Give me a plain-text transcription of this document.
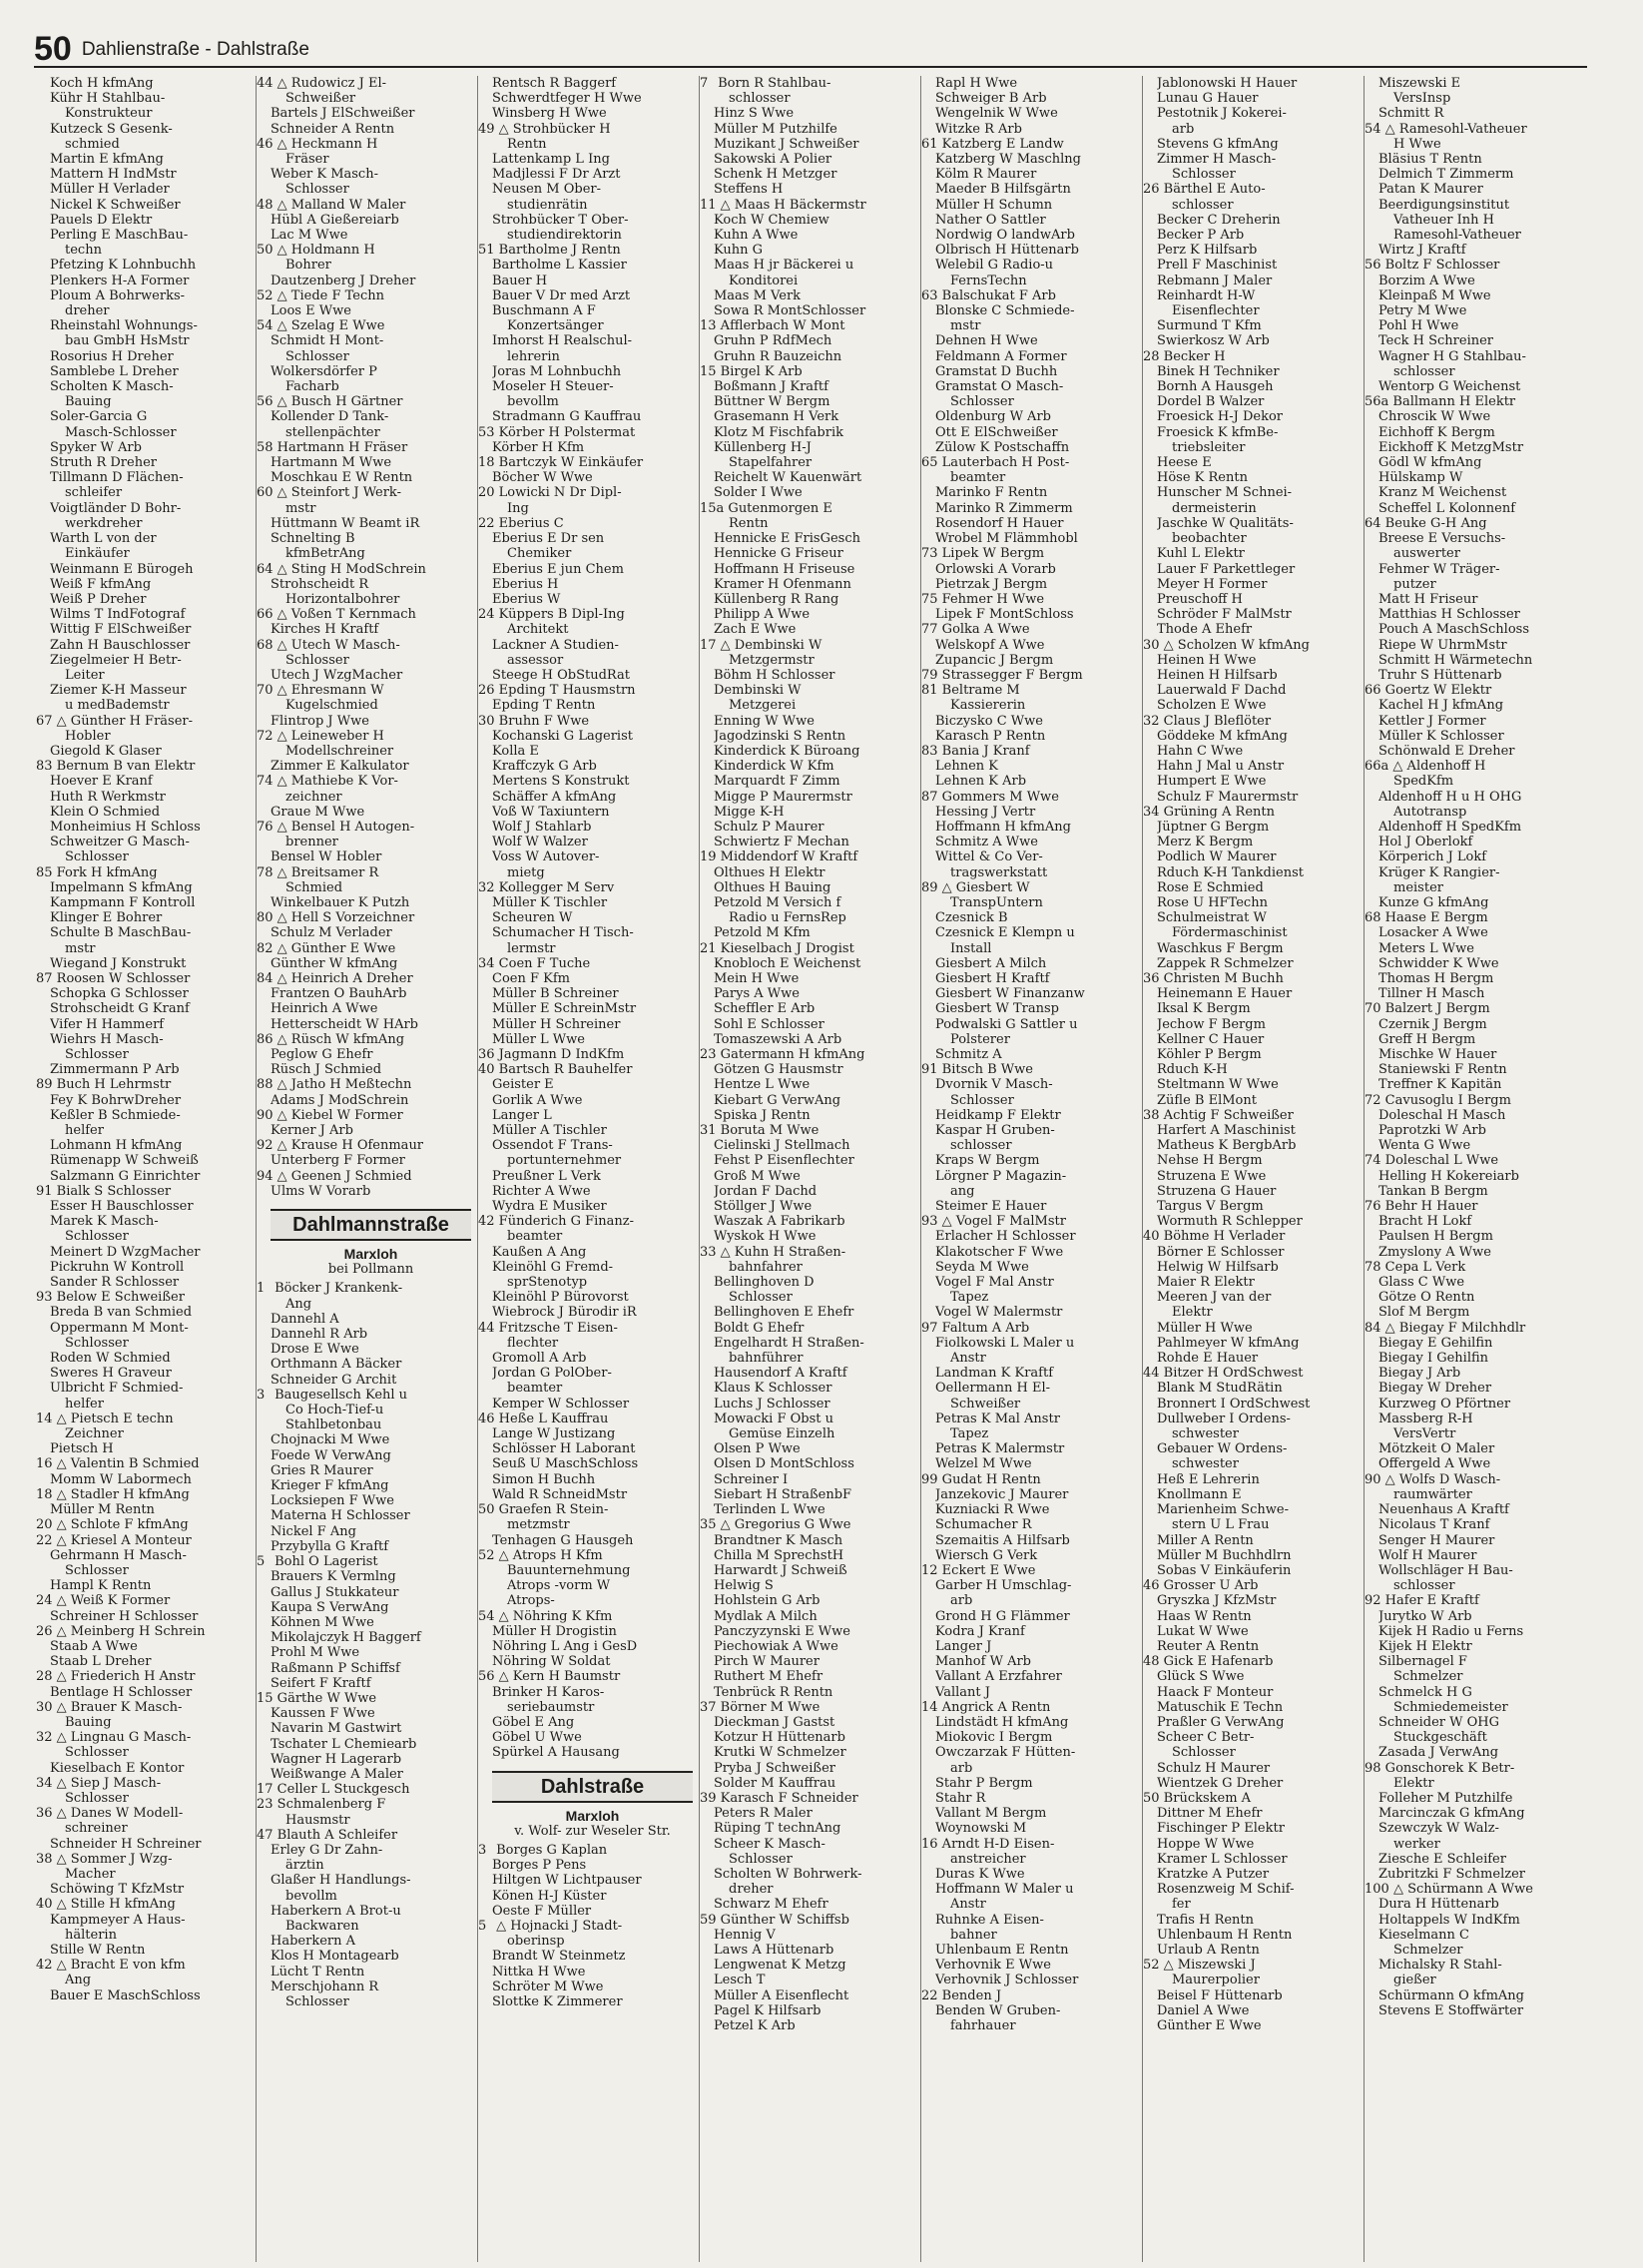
50 Dahlienstraße - Dahlstraße

Koch H kfmAng

Kühr H Stahlbau-

Konstrukteur

Kutzeck S Gesenk-

schmied

Martin E kfmAng

Mattern H IndMstr

Müller H Verlader

Nickel K Schweißer

Pauels D Elektr

Perling E MaschBau-

techn

Pfetzing K Lohnbuchh

Plenkers H-A Former

Ploum A Bohrwerks-

dreher

Rheinstahl Wohnungs-

bau GmbH HsMstr

Rosorius H Dreher

Samblebe L Dreher

Scholten K Masch-

Bauing

Soler-Garcia G

Masch-Schlosser

Spyker W Arb

Struth R Dreher

Tillmann D Flächen-

schleifer

Voigtländer D Bohr-

werkdreher

Warth L von der

Einkäufer

Weinmann E Bürogeh

Weiß F kfmAng

Weiß P Dreher

Wilms T IndFotograf

Wittig F ElSchweißer

Zahn H Bauschlosser

Ziegelmeier H Betr-

Leiter

Ziemer K-H Masseur

u medBademstr

67 △ Günther H Fräser-

Hobler

Giegold K Glaser

83 Bernum B van Elektr

Hoever E Kranf

Huth R Werkmstr

Klein O Schmied

Monheimius H Schloss

Schweitzer G Masch-

Schlosser

85 Fork H kfmAng

Impelmann S kfmAng

Kampmann F Kontroll

Klinger E Bohrer

Schulte B MaschBau-

mstr

Wiegand J Konstrukt

87 Roosen W Schlosser

Schopka G Schlosser

Strohscheidt G Kranf

Vifer H Hammerf

Wiehrs H Masch-

Schlosser

Zimmermann P Arb

89 Buch H Lehrmstr

Fey K BohrwDreher

Keßler B Schmiede-

helfer

Lohmann H kfmAng

Rümenapp W Schweiß

Salzmann G Einrichter

91 Bialk S Schlosser

Esser H Bauschlosser

Marek K Masch-

Schlosser

Meinert D WzgMacher

Pickruhn W Kontroll

Sander R Schlosser

93 Below E Schweißer

Breda B van Schmied

Oppermann M Mont-

Schlosser

Roden W Schmied

Sweres H Graveur

Ulbricht F Schmied-

helfer

14 △ Pietsch E techn

Zeichner

Pietsch H

16 △ Valentin B Schmied

Momm W Labormech

18 △ Stadler H kfmAng

Müller M Rentn

20 △ Schlote F kfmAng

22 △ Kriesel A Monteur

Gehrmann H Masch-

Schlosser

Hampl K Rentn

24 △ Weiß K Former

Schreiner H Schlosser

26 △ Meinberg H Schrein

Staab A Wwe

Staab L Dreher

28 △ Friederich H Anstr

Bentlage H Schlosser

30 △ Brauer K Masch-

Bauing

32 △ Lingnau G Masch-

Schlosser

Kieselbach E Kontor

34 △ Siep J Masch-

Schlosser

36 △ Danes W Modell-

schreiner

Schneider H Schreiner

38 △ Sommer J Wzg-

Macher

Schöwing T KfzMstr

40 △ Stille H kfmAng

Kampmeyer A Haus-

hälterin

Stille W Rentn

42 △ Bracht E von kfm

Ang

Bauer E MaschSchloss

44 △ Rudowicz J El-

Schweißer

Bartels J ElSchweißer

Schneider A Rentn

46 △ Heckmann H

Fräser

Weber K Masch-

Schlosser

48 △ Malland W Maler

Hübl A Gießereiarb

Lac M Wwe

50 △ Holdmann H

Bohrer

Dautzenberg J Dreher

52 △ Tiede F Techn

Loos E Wwe

54 △ Szelag E Wwe

Schmidt H Mont-

Schlosser

Wolkersdörfer P

Facharb

56 △ Busch H Gärtner

Kollender D Tank-

stellenpächter

58 Hartmann H Fräser

Hartmann M Wwe

Moschkau E W Rentn

60 △ Steinfort J Werk-

mstr

Hüttmann W Beamt iR

Schnelting B

kfmBetrAng

64 △ Sting H ModSchrein

Strohscheidt R

Horizontalbohrer

66 △ Voßen T Kernmach

Kirches H Kraftf

68 △ Utech W Masch-

Schlosser

Utech J WzgMacher

70 △ Ehresmann W

Kugelschmied

Flintrop J Wwe

72 △ Leineweber H

Modellschreiner

Zimmer E Kalkulator

74 △ Mathiebe K Vor-

zeichner

Graue M Wwe

76 △ Bensel H Autogen-

brenner

Bensel W Hobler

78 △ Breitsamer R

Schmied

Winkelbauer K Putzh

80 △ Hell S Vorzeichner

Schulz M Verlader

82 △ Günther E Wwe

Günther W kfmAng

84 △ Heinrich A Dreher

Frantzen O BauhArb

Heinrich A Wwe

Hetterscheidt W HArb

86 △ Rüsch W kfmAng

Peglow G Ehefr

Rüsch J Schmied

88 △ Jatho H Meßtechn

Adams J ModSchrein

90 △ Kiebel W Former

Kerner J Arb

92 △ Krause H Ofenmaur

Unterberg F Former

94 △ Geenen J Schmied

Ulms W Vorarb

Dahlmannstraße
Marxloh
bei Pollmann

1 Böcker J Krankenk-

Ang

Dannehl A

Dannehl R Arb

Drose E Wwe

Orthmann A Bäcker

Schneider G Archit

3 Baugesellsch Kehl u

Co Hoch-Tief-u

Stahlbetonbau

Chojnacki M Wwe

Foede W VerwAng

Gries R Maurer

Krieger F kfmAng

Locksiepen F Wwe

Materna H Schlosser

Nickel F Ang

Przybylla G Kraftf

5 Bohl O Lagerist

Brauers K Vermlng

Gallus J Stukkateur

Kaupa S VerwAng

Köhnen M Wwe

Mikolajczyk H Baggerf

Prohl M Wwe

Raßmann P Schiffsf

Seifert F Kraftf

15 Gärthe W Wwe

Kaussen F Wwe

Navarin M Gastwirt

Tschater L Chemiearb

Wagner H Lagerarb

Weißwange A Maler

17 Celler L Stuckgesch

23 Schmalenberg F

Hausmstr

47 Blauth A Schleifer

Erley G Dr Zahn-

ärztin

Glaßer H Handlungs-

bevollm

Haberkern A Brot-u

Backwaren

Haberkern A

Klos H Montagearb

Lücht T Rentn

Merschjohann R

Schlosser

Rentsch R Baggerf

Schwerdtfeger H Wwe

Winsberg H Wwe

49 △ Strohbücker H

Rentn

Lattenkamp L Ing

Madjlessi F Dr Arzt

Neusen M Ober-

studienrätin

Strohbücker T Ober-

studiendirektorin

51 Bartholme J Rentn

Bartholme L Kassier

Bauer H

Bauer V Dr med Arzt

Buschmann A F

Konzertsänger

Imhorst H Realschul-

lehrerin

Joras M Lohnbuchh

Moseler H Steuer-

bevollm

Stradmann G Kauffrau

53 Körber H Polstermat

Körber H Kfm

18 Bartczyk W Einkäufer

Böcher W Wwe

20 Lowicki N Dr Dipl-

Ing

22 Eberius C

Eberius E Dr sen

Chemiker

Eberius E jun Chem

Eberius H

Eberius W

24 Küppers B Dipl-Ing

Architekt

Lackner A Studien-

assessor

Steege H ObStudRat

26 Epding T Hausmstrn

Epding T Rentn

30 Bruhn F Wwe

Kochanski G Lagerist

Kolla E

Kraffczyk G Arb

Mertens S Konstrukt

Schäffer A kfmAng

Voß W Taxiuntern

Wolf J Stahlarb

Wolf W Walzer

Voss W Autover-

mietg

32 Kollegger M Serv

Müller K Tischler

Scheuren W

Schumacher H Tisch-

lermstr

34 Coen F Tuche

Coen F Kfm

Müller B Schreiner

Müller E SchreinMstr

Müller H Schreiner

Müller L Wwe

36 Jagmann D IndKfm

40 Bartsch R Bauhelfer

Geister E

Gorlik A Wwe

Langer L

Müller A Tischler

Ossendot F Trans-

portunternehmer

Preußner L Verk

Richter A Wwe

Wydra E Musiker

42 Fünderich G Finanz-

beamter

Kaußen A Ang

Kleinöhl G Fremd-

sprStenotyp

Kleinöhl P Bürovorst

Wiebrock J Bürodir iR

44 Fritzsche T Eisen-

flechter

Gromoll A Arb

Jordan G PolOber-

beamter

Kemper W Schlosser

46 Heße L Kauffrau

Lange W Justizang

Schlösser H Laborant

Seuß U MaschSchloss

Simon H Buchh

Wald R SchneidMstr

50 Graefen R Stein-

metzmstr

Tenhagen G Hausgeh

52 △ Atrops H Kfm

Bauunternehmung

Atrops -vorm W

Atrops-

54 △ Nöhring K Kfm

Müller H Drogistin

Nöhring L Ang i GesD

Nöhring W Soldat

56 △ Kern H Baumstr

Brinker H Karos-

seriebaumstr

Göbel E Ang

Göbel U Wwe

Spürkel A Hausang

Dahlstraße
Marxloh
v. Wolf- zur Weseler Str.

3 Borges G Kaplan

Borges P Pens

Hiltgen W Lichtpauser

Könen H-J Küster

Oeste F Müller

5 △ Hojnacki J Stadt-

oberinsp

Brandt W Steinmetz

Nittka H Wwe

Schröter M Wwe

Slottke K Zimmerer

7 Born R Stahlbau-

schlosser

Hinz S Wwe

Müller M Putzhilfe

Muzikant J Schweißer

Sakowski A Polier

Schenk H Metzger

Steffens H

11 △ Maas H Bäckermstr

Koch W Chemiew

Kuhn A Wwe

Kuhn G

Maas H jr Bäckerei u

Konditorei

Maas M Verk

Sowa R MontSchlosser

13 Afflerbach W Mont

Gruhn P RdfMech

Gruhn R Bauzeichn

15 Birgel K Arb

Boßmann J Kraftf

Büttner W Bergm

Grasemann H Verk

Klotz M Fischfabrik

Küllenberg H-J

Stapelfahrer

Reichelt W Kauenwärt

Solder I Wwe

15a Gutenmorgen E

Rentn

Hennicke E FrisGesch

Hennicke G Friseur

Hoffmann H Friseuse

Kramer H Ofenmann

Küllenberg R Rang

Philipp A Wwe

Zach E Wwe

17 △ Dembinski W

Metzgermstr

Böhm H Schlosser

Dembinski W

Metzgerei

Enning W Wwe

Jagodzinski S Rentn

Kinderdick K Büroang

Kinderdick W Kfm

Marquardt F Zimm

Migge P Maurermstr

Migge K-H

Schulz P Maurer

Schwiertz F Mechan

19 Middendorf W Kraftf

Olthues H Elektr

Olthues H Bauing

Petzold M Versich f

Radio u FernsRep

Petzold M Kfm

21 Kieselbach J Drogist

Knobloch E Weichenst

Mein H Wwe

Parys A Wwe

Scheffler E Arb

Sohl E Schlosser

Tomaszewski A Arb

23 Gatermann H kfmAng

Götzen G Hausmstr

Hentze L Wwe

Kiebart G VerwAng

Spiska J Rentn

31 Boruta M Wwe

Cielinski J Stellmach

Fehst P Eisenflechter

Groß M Wwe

Jordan F Dachd

Stöllger J Wwe

Waszak A Fabrikarb

Wyskok H Wwe

33 △ Kuhn H Straßen-

bahnfahrer

Bellinghoven D

Schlosser

Bellinghoven E Ehefr

Boldt G Ehefr

Engelhardt H Straßen-

bahnführer

Hausendorf A Kraftf

Klaus K Schlosser

Luchs J Schlosser

Mowacki F Obst u

Gemüse Einzelh

Olsen P Wwe

Olsen D MontSchloss

Schreiner I

Siebart H StraßenbF

Terlinden L Wwe

35 △ Gregorius G Wwe

Brandtner K Masch

Chilla M SprechstH

Harwardt J Schweiß

Helwig S

Hohlstein G Arb

Mydlak A Milch

Panczyzynski E Wwe

Piechowiak A Wwe

Pirch W Maurer

Ruthert M Ehefr

Tenbrück R Rentn

37 Börner M Wwe

Dieckman J Gastst

Kotzur H Hüttenarb

Krutki W Schmelzer

Pryba J Schweißer

Solder M Kauffrau

39 Karasch F Schneider

Peters R Maler

Rüping T technAng

Scheer K Masch-

Schlosser

Scholten W Bohrwerk-

dreher

Schwarz M Ehefr

59 Günther W Schiffsb

Hennig V

Laws A Hüttenarb

Lengwenat K Metzg

Lesch T

Müller A Eisenflecht

Pagel K Hilfsarb

Petzel K Arb

Rapl H Wwe

Schweiger B Arb

Wengelnik W Wwe

Witzke R Arb

61 Katzberg E Landw

Katzberg W Maschlng

Kölm R Maurer

Maeder B Hilfsgärtn

Müller H Schumn

Nather O Sattler

Nordwig O landwArb

Olbrisch H Hüttenarb

Welebil G Radio-u

FernsTechn

63 Balschukat F Arb

Blonske C Schmiede-

mstr

Dehnen H Wwe

Feldmann A Former

Gramstat D Buchh

Gramstat O Masch-

Schlosser

Oldenburg W Arb

Ott E ElSchweißer

Zülow K Postschaffn

65 Lauterbach H Post-

beamter

Marinko F Rentn

Marinko R Zimmerm

Rosendorf H Hauer

Wrobel M Flämmhobl

73 Lipek W Bergm

Orlowski A Vorarb

Pietrzak J Bergm

75 Fehmer H Wwe

Lipek F MontSchloss

77 Golka A Wwe

Welskopf A Wwe

Zupancic J Bergm

79 Strassegger F Bergm

81 Beltrame M

Kassiererin

Biczysko C Wwe

Karasch P Rentn

83 Bania J Kranf

Lehnen K

Lehnen K Arb

87 Gommers M Wwe

Hessing J Vertr

Hoffmann H kfmAng

Schmitz A Wwe

Wittel & Co Ver-

tragswerkstatt

89 △ Giesbert W

TranspUntern

Czesnick B

Czesnick E Klempn u

Install

Giesbert A Milch

Giesbert H Kraftf

Giesbert W Finanzanw

Giesbert W Transp

Podwalski G Sattler u

Polsterer

Schmitz A

91 Bitsch B Wwe

Dvornik V Masch-

Schlosser

Heidkamp F Elektr

Kaspar H Gruben-

schlosser

Kraps W Bergm

Lörgner P Magazin-

ang

Steimer E Hauer

93 △ Vogel F MalMstr

Erlacher H Schlosser

Klakotscher F Wwe

Seyda M Wwe

Vogel F Mal Anstr

Tapez

Vogel W Malermstr

97 Faltum A Arb

Fiolkowski L Maler u

Anstr

Landman K Kraftf

Oellermann H El-

Schweißer

Petras K Mal Anstr

Tapez

Petras K Malermstr

Welzel M Wwe

99 Gudat H Rentn

Janzekovic J Maurer

Kuzniacki R Wwe

Schumacher R

Szemaitis A Hilfsarb

Wiersch G Verk

12 Eckert E Wwe

Garber H Umschlag-

arb

Grond H G Flämmer

Kodra J Kranf

Langer J

Manhof W Arb

Vallant A Erzfahrer

Vallant J

14 Angrick A Rentn

Lindstädt H kfmAng

Miokovic I Bergm

Owczarzak F Hütten-

arb

Stahr P Bergm

Stahr R

Vallant M Bergm

Woynowski M

16 Arndt H-D Eisen-

anstreicher

Duras K Wwe

Hoffmann W Maler u

Anstr

Ruhnke A Eisen-

bahner

Uhlenbaum E Rentn

Verhovnik E Wwe

Verhovnik J Schlosser

22 Benden J

Benden W Gruben-

fahrhauer

Jablonowski H Hauer

Lunau G Hauer

Pestotnik J Kokerei-

arb

Stevens G kfmAng

Zimmer H Masch-

Schlosser

26 Bärthel E Auto-

schlosser

Becker C Dreherin

Becker P Arb

Perz K Hilfsarb

Prell F Maschinist

Rebmann J Maler

Reinhardt H-W

Eisenflechter

Surmund T Kfm

Swierkosz W Arb

28 Becker H

Binek H Techniker

Bornh A Hausgeh

Dordel B Walzer

Froesick H-J Dekor

Froesick K kfmBe-

triebsleiter

Heese E

Höse K Rentn

Hunscher M Schnei-

dermeisterin

Jaschke W Qualitäts-

beobachter

Kuhl L Elektr

Lauer F Parkettleger

Meyer H Former

Preuschoff H

Schröder F MalMstr

Thode A Ehefr

30 △ Scholzen W kfmAng

Heinen H Wwe

Heinen H Hilfsarb

Lauerwald F Dachd

Scholzen E Wwe

32 Claus J Bleflöter

Göddeke M kfmAng

Hahn C Wwe

Hahn J Mal u Anstr

Humpert E Wwe

Schulz F Maurermstr

34 Grüning A Rentn

Jüptner G Bergm

Merz K Bergm

Podlich W Maurer

Rduch K-H Tankdienst

Rose E Schmied

Rose U HFTechn

Schulmeistrat W

Fördermaschinist

Waschkus F Bergm

Zappek R Schmelzer

36 Christen M Buchh

Heinemann E Hauer

Iksal K Bergm

Jechow F Bergm

Kellner C Hauer

Köhler P Bergm

Rduch K-H

Steltmann W Wwe

Züfle B ElMont

38 Achtig F Schweißer

Harfert A Maschinist

Matheus K BergbArb

Nehse H Bergm

Struzena E Wwe

Struzena G Hauer

Targus V Bergm

Wormuth R Schlepper

40 Böhme H Verlader

Börner E Schlosser

Helwig W Hilfsarb

Maier R Elektr

Meeren J van der

Elektr

Müller H Wwe

Pahlmeyer W kfmAng

Rohde E Hauer

44 Bitzer H OrdSchwest

Blank M StudRätin

Bronnert I OrdSchwest

Dullweber I Ordens-

schwester

Gebauer W Ordens-

schwester

Heß E Lehrerin

Knollmann E

Marienheim Schwe-

stern U L Frau

Miller A Rentn

Müller M Buchhdlrn

Sobas V Einkäuferin

46 Grosser U Arb

Gryszka J KfzMstr

Haas W Rentn

Lukat W Wwe

Reuter A Rentn

48 Gick E Hafenarb

Glück S Wwe

Haack F Monteur

Matuschik E Techn

Praßler G VerwAng

Scheer C Betr-

Schlosser

Schulz H Maurer

Wientzek G Dreher

50 Brückskem A

Dittner M Ehefr

Fischinger P Elektr

Hoppe W Wwe

Kramer L Schlosser

Kratzke A Putzer

Rosenzweig M Schif-

fer

Trafis H Rentn

Uhlenbaum H Rentn

Urlaub A Rentn

52 △ Miszewski J

Maurerpolier

Beisel F Hüttenarb

Daniel A Wwe

Günther E Wwe

Miszewski E

VersInsp

Schmitt R

54 △ Ramesohl-Vatheuer

H Wwe

Bläsius T Rentn

Delmich T Zimmerm

Patan K Maurer

Beerdigungsinstitut

Vatheuer Inh H

Ramesohl-Vatheuer

Wirtz J Kraftf

56 Boltz F Schlosser

Borzim A Wwe

Kleinpaß M Wwe

Petry M Wwe

Pohl H Wwe

Teck H Schreiner

Wagner H G Stahlbau-

schlosser

Wentorp G Weichenst

56a Ballmann H Elektr

Chroscik W Wwe

Eichhoff K Bergm

Eickhoff K MetzgMstr

Gödl W kfmAng

Hülskamp W

Kranz M Weichenst

Scheffel L Kolonnenf

64 Beuke G-H Ang

Breese E Versuchs-

auswerter

Fehmer W Träger-

putzer

Matt H Friseur

Matthias H Schlosser

Pouch A MaschSchloss

Riepe W UhrmMstr

Schmitt H Wärmetechn

Truhr S Hüttenarb

66 Goertz W Elektr

Kachel H J kfmAng

Kettler J Former

Müller K Schlosser

Schönwald E Dreher

66a △ Aldenhoff H

SpedKfm

Aldenhoff H u H OHG

Autotransp

Aldenhoff H SpedKfm

Hol J Oberlokf

Körperich J Lokf

Krüger K Rangier-

meister

Kunze G kfmAng

68 Haase E Bergm

Losacker A Wwe

Meters L Wwe

Schwidder K Wwe

Thomas H Bergm

Tillner H Masch

70 Balzert J Bergm

Czernik J Bergm

Greff H Bergm

Mischke W Hauer

Staniewski F Rentn

Treffner K Kapitän

72 Cavusoglu I Bergm

Doleschal H Masch

Paprotzki W Arb

Wenta G Wwe

74 Doleschal L Wwe

Helling H Kokereiarb

Tankan B Bergm

76 Behr H Hauer

Bracht H Lokf

Paulsen H Bergm

Zmyslony A Wwe

78 Cepa L Verk

Glass C Wwe

Götze O Rentn

Slof M Bergm

84 △ Biegay F Milchhdlr

Biegay E Gehilfin

Biegay I Gehilfin

Biegay J Arb

Biegay W Dreher

Kurzweg O Pförtner

Massberg R-H

VersVertr

Mötzkeit O Maler

Offergeld A Wwe

90 △ Wolfs D Wasch-

raumwärter

Neuenhaus A Kraftf

Nicolaus T Kranf

Senger H Maurer

Wolf H Maurer

Wollschläger H Bau-

schlosser

92 Hafer E Kraftf

Jurytko W Arb

Kijek H Radio u Ferns

Kijek H Elektr

Silbernagel F

Schmelzer

Schmelck H G

Schmiedemeister

Schneider W OHG

Stuckgeschäft

Zasada J VerwAng

98 Gonschorek K Betr-

Elektr

Folleher M Putzhilfe

Marcinczak G kfmAng

Szewczyk W Walz-

werker

Ziesche E Schleifer

Zubritzki F Schmelzer

100 △ Schürmann A Wwe

Dura H Hüttenarb

Holtappels W IndKfm

Kieselmann C

Schmelzer

Michalsky R Stahl-

gießer

Schürmann O kfmAng

Stevens E Stoffwärter
